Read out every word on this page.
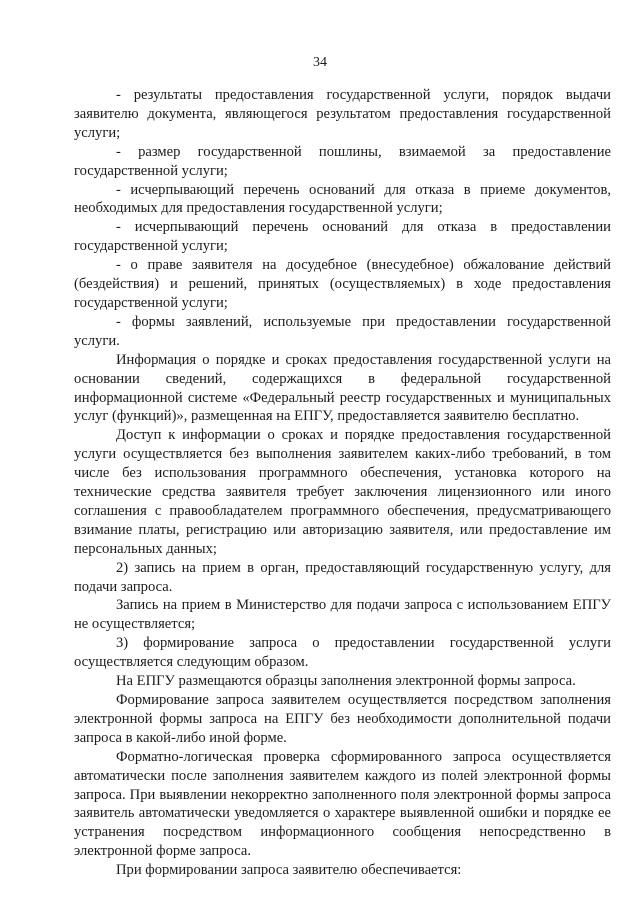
34

- результаты предоставления государственной услуги, порядок выдачи заявителю документа, являющегося результатом предоставления государственной услуги;

- размер государственной пошлины, взимаемой за предоставление государственной услуги;

- исчерпывающий перечень оснований для отказа в приеме документов, необходимых для предоставления государственной услуги;

- исчерпывающий перечень оснований для отказа в предоставлении государственной услуги;

- о праве заявителя на досудебное (внесудебное) обжалование действий (бездействия) и решений, принятых (осуществляемых) в ходе предоставления государственной услуги;

- формы заявлений, используемые при предоставлении государственной услуги.

Информация о порядке и сроках предоставления государственной услуги на основании сведений, содержащихся в федеральной государственной информационной системе «Федеральный реестр государственных и муниципальных услуг (функций)», размещенная на ЕПГУ, предоставляется заявителю бесплатно.

Доступ к информации о сроках и порядке предоставления государственной услуги осуществляется без выполнения заявителем каких-либо требований, в том числе без использования программного обеспечения, установка которого на технические средства заявителя требует заключения лицензионного или иного соглашения с правообладателем программного обеспечения, предусматривающего взимание платы, регистрацию или авторизацию заявителя, или предоставление им персональных данных;

2) запись на прием в орган, предоставляющий государственную услугу, для подачи запроса.

Запись на прием в Министерство для подачи запроса с использованием ЕПГУ не осуществляется;

3) формирование запроса о предоставлении государственной услуги осуществляется следующим образом.

На ЕПГУ размещаются образцы заполнения электронной формы запроса.

Формирование запроса заявителем осуществляется посредством заполнения электронной формы запроса на ЕПГУ без необходимости дополнительной подачи запроса в какой-либо иной форме.

Форматно-логическая проверка сформированного запроса осуществляется автоматически после заполнения заявителем каждого из полей электронной формы запроса. При выявлении некорректно заполненного поля электронной формы запроса заявитель автоматически уведомляется о характере выявленной ошибки и порядке ее устранения посредством информационного сообщения непосредственно в электронной форме запроса.

При формировании запроса заявителю обеспечивается:
